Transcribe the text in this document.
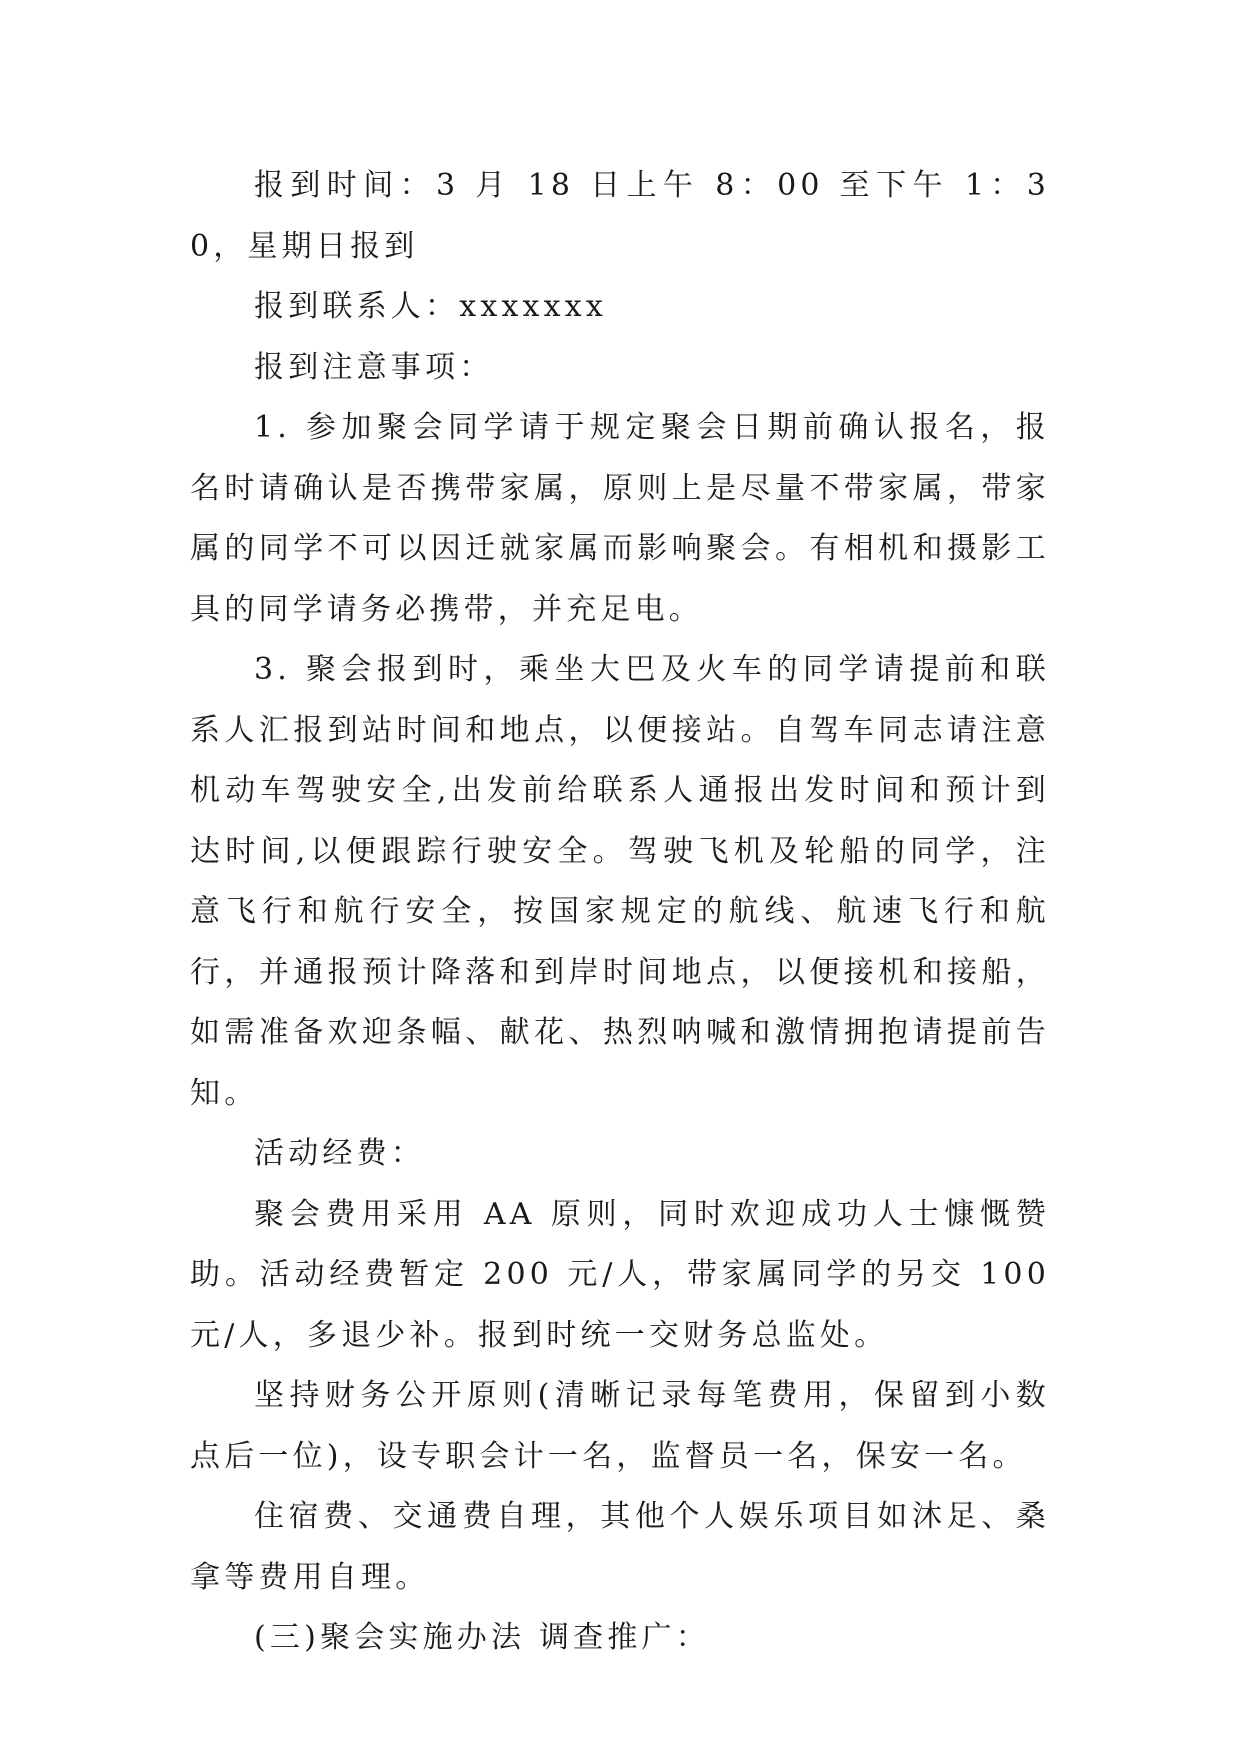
报到时间：3 月 18 日上午 8：00 至下午 1：30，星期日报到

报到联系人：xxxxxxx

报到注意事项：

1. 参加聚会同学请于规定聚会日期前确认报名，报名时请确认是否携带家属，原则上是尽量不带家属，带家属的同学不可以因迁就家属而影响聚会。有相机和摄影工具的同学请务必携带，并充足电。

3. 聚会报到时，乘坐大巴及火车的同学请提前和联系人汇报到站时间和地点，以便接站。自驾车同志请注意机动车驾驶安全,出发前给联系人通报出发时间和预计到达时间,以便跟踪行驶安全。驾驶飞机及轮船的同学，注意飞行和航行安全，按国家规定的航线、航速飞行和航行，并通报预计降落和到岸时间地点，以便接机和接船，如需准备欢迎条幅、献花、热烈呐喊和激情拥抱请提前告知。

活动经费：

聚会费用采用 AA 原则，同时欢迎成功人士慷慨赞助。活动经费暂定 200 元/人，带家属同学的另交 100 元/人，多退少补。报到时统一交财务总监处。

坚持财务公开原则(清晰记录每笔费用，保留到小数点后一位)，设专职会计一名，监督员一名，保安一名。

住宿费、交通费自理，其他个人娱乐项目如沐足、桑拿等费用自理。

(三)聚会实施办法 调查推广：
